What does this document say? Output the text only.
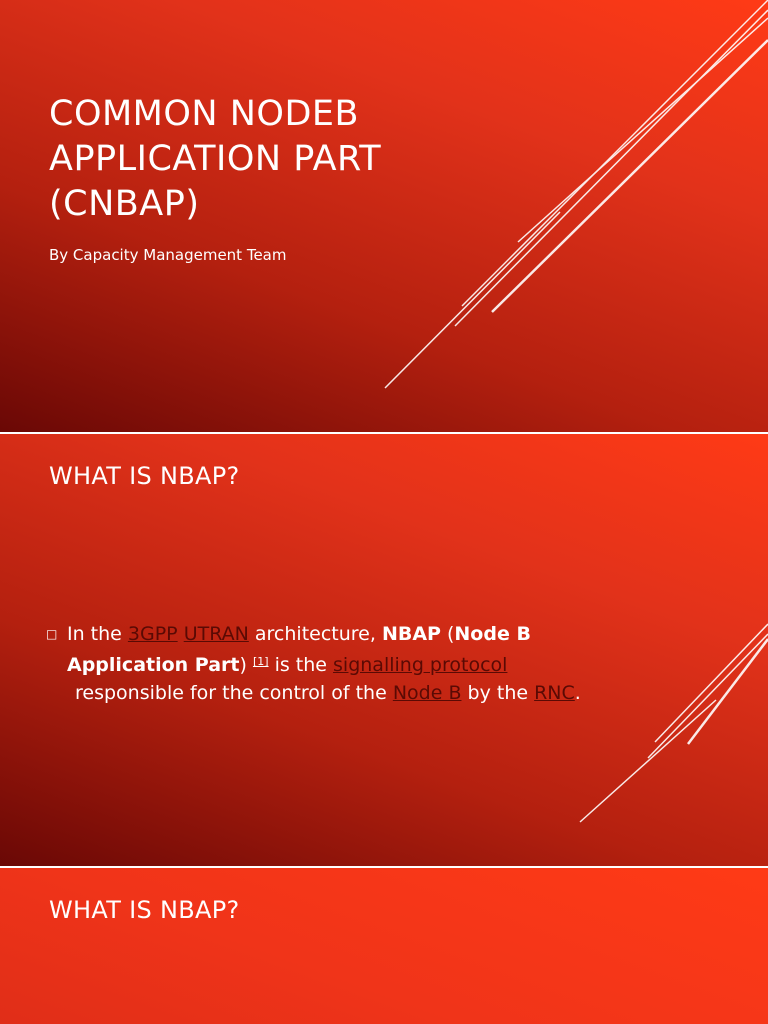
COMMON NODEB
APPLICATION PART
(CNBAP)

By Capacity Management Team

WHAT IS NBAP?
□ In the 3GPP UTRAN architecture, NBAP (Node B
Application Part) [1] is the signalling protocol
responsible for the control of the Node B by the RNC.
WHAT IS NBAP?
